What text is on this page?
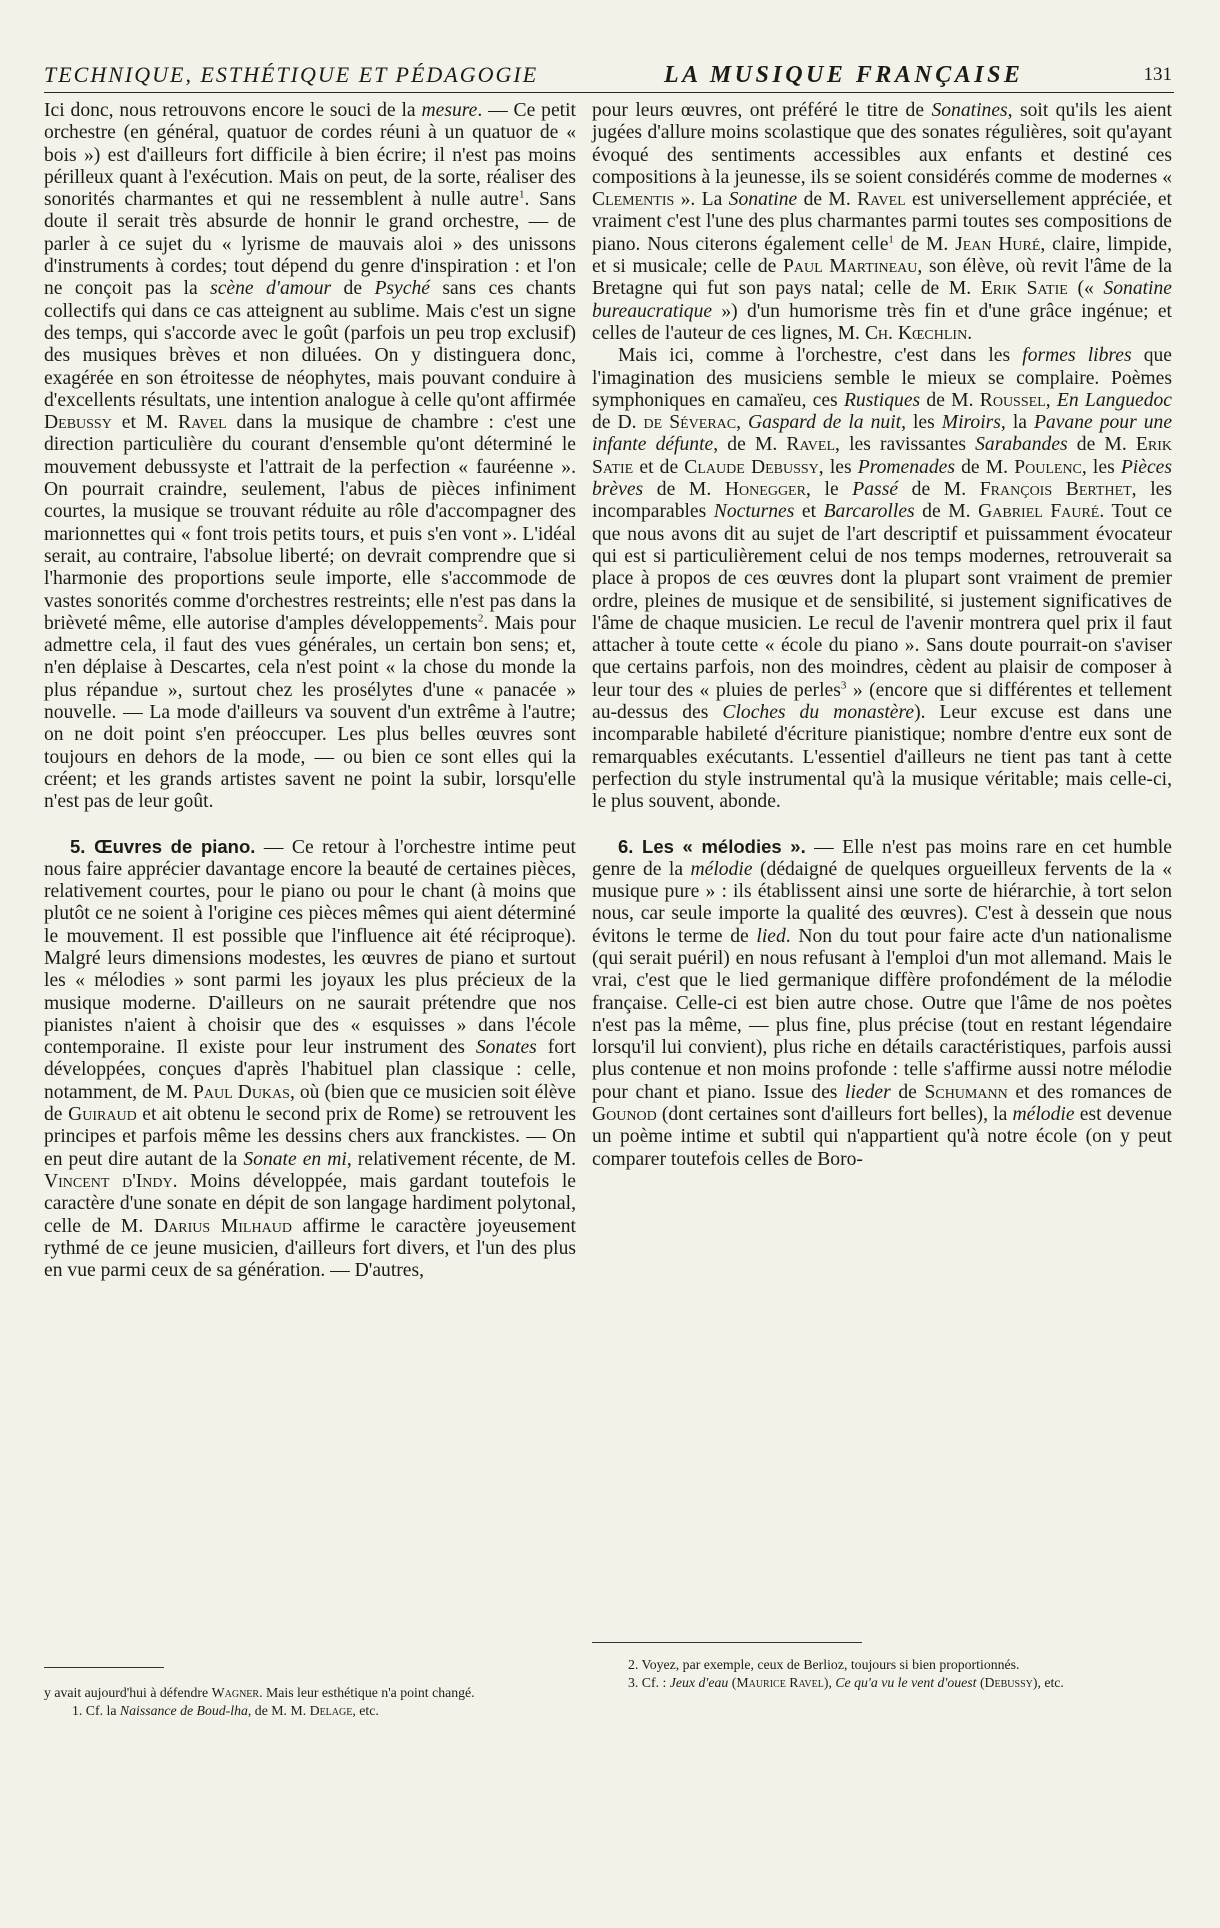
TECHNIQUE, ESTHÉTIQUE ET PÉDAGOGIE	LA MUSIQUE FRANÇAISE	131

Ici donc, nous retrouvons encore le souci de la mesure. — Ce petit orchestre (en général, quatuor de cordes réuni à un quatuor de « bois ») est d'ailleurs fort difficile à bien écrire; il n'est pas moins périlleux quant à l'exécution. Mais on peut, de la sorte, réaliser des sonorités charmantes et qui ne ressemblent à nulle autre$^1$. Sans doute il serait très absurde de honnir le grand orchestre, — de parler à ce sujet du « lyrisme de mauvais aloi » des unissons d'instruments à cordes; tout dépend du genre d'inspiration : et l'on ne conçoit pas la scène d'amour de Psyché sans ces chants collectifs qui dans ce cas atteignent au sublime. Mais c'est un signe des temps, qui s'accorde avec le goût (parfois un peu trop exclusif) des musiques brèves et non diluées. On y distinguera donc, exagérée en son étroitesse de néophytes, mais pouvant conduire à d'excellents résultats, une intention analogue à celle qu'ont affirmée Debussy et M. Ravel dans la musique de chambre : c'est une direction particulière du courant d'ensemble qu'ont déterminé le mouvement debussyste et l'attrait de la perfection « fauréenne ». On pourrait craindre, seulement, l'abus de pièces infiniment courtes, la musique se trouvant réduite au rôle d'accompagner des marionnettes qui « font trois petits tours, et puis s'en vont ». L'idéal serait, au contraire, l'absolue liberté; on devrait comprendre que si l'harmonie des proportions seule importe, elle s'accommode de vastes sonorités comme d'orchestres restreints; elle n'est pas dans la brièveté même, elle autorise d'amples développements$^2$. Mais pour admettre cela, il faut des vues générales, un certain bon sens; et, n'en déplaise à Descartes, cela n'est point « la chose du monde la plus répandue », surtout chez les prosélytes d'une « panacée » nouvelle. — La mode d'ailleurs va souvent d'un extrême à l'autre; on ne doit point s'en préoccuper. Les plus belles œuvres sont toujours en dehors de la mode, — ou bien ce sont elles qui la créent; et les grands artistes savent ne point la subir, lorsqu'elle n'est pas de leur goût.

5. Œuvres de piano. — Ce retour à l'orchestre intime peut nous faire apprécier davantage encore la beauté de certaines pièces, relativement courtes, pour le piano ou pour le chant (à moins que plutôt ce ne soient à l'origine ces pièces mêmes qui aient déterminé le mouvement. Il est possible que l'influence ait été réciproque). Malgré leurs dimensions modestes, les œuvres de piano et surtout les « mélodies » sont parmi les joyaux les plus précieux de la musique moderne. D'ailleurs on ne saurait prétendre que nos pianistes n'aient à choisir que des « esquisses » dans l'école contemporaine. Il existe pour leur instrument des Sonates fort développées, conçues d'après l'habituel plan classique : celle, notamment, de M. Paul Dukas, où (bien que ce musicien soit élève de Guiraud et ait obtenu le second prix de Rome) se retrouvent les principes et parfois même les dessins chers aux franckistes. — On en peut dire autant de la Sonate en mi, relativement récente, de M. Vincent d'Indy. Moins développée, mais gardant toutefois le caractère d'une sonate en dépit de son langage hardiment polytonal, celle de M. Darius Milhaud affirme le caractère joyeusement rythmé de ce jeune musicien, d'ailleurs fort divers, et l'un des plus en vue parmi ceux de sa génération. — D'autres,

pour leurs œuvres, ont préféré le titre de Sonatines, soit qu'ils les aient jugées d'allure moins scolastique que des sonates régulières, soit qu'ayant évoqué des sentiments accessibles aux enfants et destiné ces compositions à la jeunesse, ils se soient considérés comme de modernes « Clementis ». La Sonatine de M. Ravel est universellement appréciée, et vraiment c'est l'une des plus charmantes parmi toutes ses compositions de piano. Nous citerons également celle$^1$ de M. Jean Huré, claire, limpide, et si musicale; celle de Paul Martineau, son élève, où revit l'âme de la Bretagne qui fut son pays natal; celle de M. Erik Satie (« Sonatine bureaucratique ») d'un humorisme très fin et d'une grâce ingénue; et celles de l'auteur de ces lignes, M. Ch. Kœchlin.

Mais ici, comme à l'orchestre, c'est dans les formes libres que l'imagination des musiciens semble le mieux se complaire. Poèmes symphoniques en camaïeu, ces Rustiques de M. Roussel, En Languedoc de D. de Séverac, Gaspard de la nuit, les Miroirs, la Pavane pour une infante défunte, de M. Ravel, les ravissantes Sarabandes de M. Erik Satie et de Claude Debussy, les Promenades de M. Poulenc, les Pièces brèves de M. Honegger, le Passé de M. François Berthet, les incomparables Nocturnes et Barcarolles de M. Gabriel Fauré. Tout ce que nous avons dit au sujet de l'art descriptif et puissamment évocateur qui est si particulièrement celui de nos temps modernes, retrouverait sa place à propos de ces œuvres dont la plupart sont vraiment de premier ordre, pleines de musique et de sensibilité, si justement significatives de l'âme de chaque musicien. Le recul de l'avenir montrera quel prix il faut attacher à toute cette « école du piano ». Sans doute pourrait-on s'aviser que certains parfois, non des moindres, cèdent au plaisir de composer à leur tour des « pluies de perles$^3$ » (encore que si différentes et tellement au-dessus des Cloches du monastère). Leur excuse est dans une incomparable habileté d'écriture pianistique; nombre d'entre eux sont de remarquables exécutants. L'essentiel d'ailleurs ne tient pas tant à cette perfection du style instrumental qu'à la musique véritable; mais celle-ci, le plus souvent, abonde.

6. Les « mélodies ». — Elle n'est pas moins rare en cet humble genre de la mélodie (dédaigné de quelques orgueilleux fervents de la « musique pure » : ils établissent ainsi une sorte de hiérarchie, à tort selon nous, car seule importe la qualité des œuvres). C'est à dessein que nous évitons le terme de lied. Non du tout pour faire acte d'un nationalisme (qui serait puéril) en nous refusant à l'emploi d'un mot allemand. Mais le vrai, c'est que le lied germanique diffère profondément de la mélodie française. Celle-ci est bien autre chose. Outre que l'âme de nos poètes n'est pas la même, — plus fine, plus précise (tout en restant légendaire lorsqu'il lui convient), plus riche en détails caractéristiques, parfois aussi plus contenue et non moins profonde : telle s'affirme aussi notre mélodie pour chant et piano. Issue des lieder de Schumann et des romances de Gounod (dont certaines sont d'ailleurs fort belles), la mélodie est devenue un poème intime et subtil qui n'appartient qu'à notre école (on y peut comparer toutefois celles de Boro-

y avait aujourd'hui à défendre Wagner. Mais leur esthétique n'a point changé.

1. Cf. la Naissance de Boud-lha, de M. M. Delage, etc.

2. Voyez, par exemple, ceux de Berlioz, toujours si bien proportionnés.

3. Cf. : Jeux d'eau (Maurice Ravel), Ce qu'a vu le vent d'ouest (Debussy), etc.
